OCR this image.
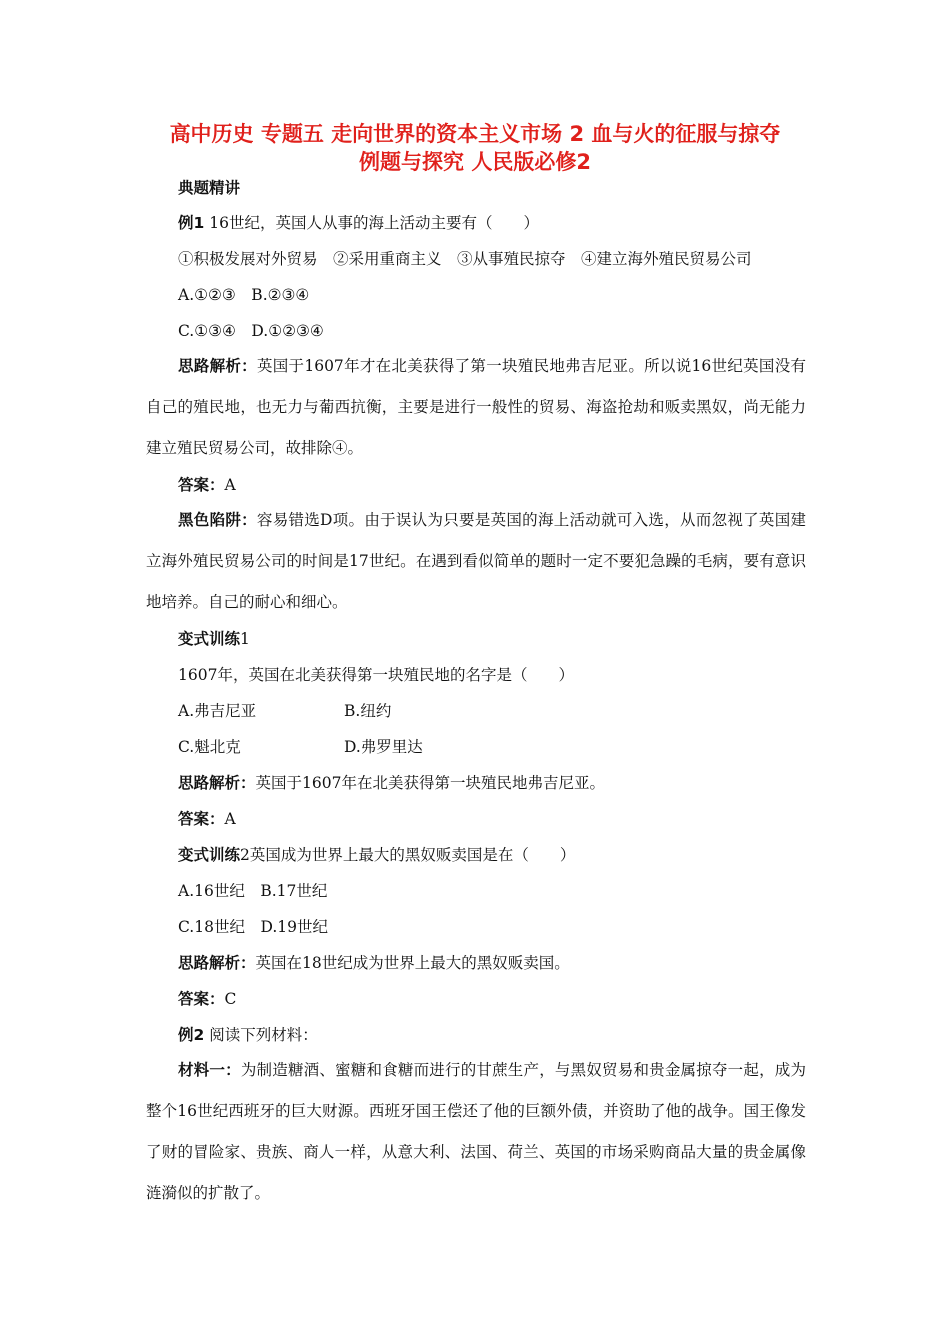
高中历史 专题五 走向世界的资本主义市场 2 血与火的征服与掠夺
例题与探究 人民版必修2
典题精讲
例1 16世纪，英国人从事的海上活动主要有（　　）
①积极发展对外贸易　②采用重商主义　③从事殖民掠夺　④建立海外殖民贸易公司
A.①②③　B.②③④
C.①③④　D.①②③④
思路解析：英国于1607年才在北美获得了第一块殖民地弗吉尼亚。所以说16世纪英国没有自己的殖民地，也无力与葡西抗衡，主要是进行一般性的贸易、海盗抢劫和贩卖黑奴，尚无能力建立殖民贸易公司，故排除④。
答案：A
黑色陷阱：容易错选D项。由于误认为只要是英国的海上活动就可入选，从而忽视了英国建立海外殖民贸易公司的时间是17世纪。在遇到看似简单的题时一定不要犯急躁的毛病，要有意识地培养。自己的耐心和细心。
变式训练1
1607年，英国在北美获得第一块殖民地的名字是（　　）
A.弗吉尼亚	B.纽约
C.魁北克	D.弗罗里达
思路解析：英国于1607年在北美获得第一块殖民地弗吉尼亚。
答案：A
变式训练2英国成为世界上最大的黑奴贩卖国是在（　　）
A.16世纪　B.17世纪
C.18世纪　D.19世纪
思路解析：英国在18世纪成为世界上最大的黑奴贩卖国。
答案：C
例2 阅读下列材料：
材料一：为制造糖酒、蜜糖和食糖而进行的甘蔗生产，与黑奴贸易和贵金属掠夺一起，成为整个16世纪西班牙的巨大财源。西班牙国王偿还了他的巨额外债，并资助了他的战争。国王像发了财的冒险家、贵族、商人一样，从意大利、法国、荷兰、英国的市场采购商品大量的贵金属像涟漪似的扩散了。
